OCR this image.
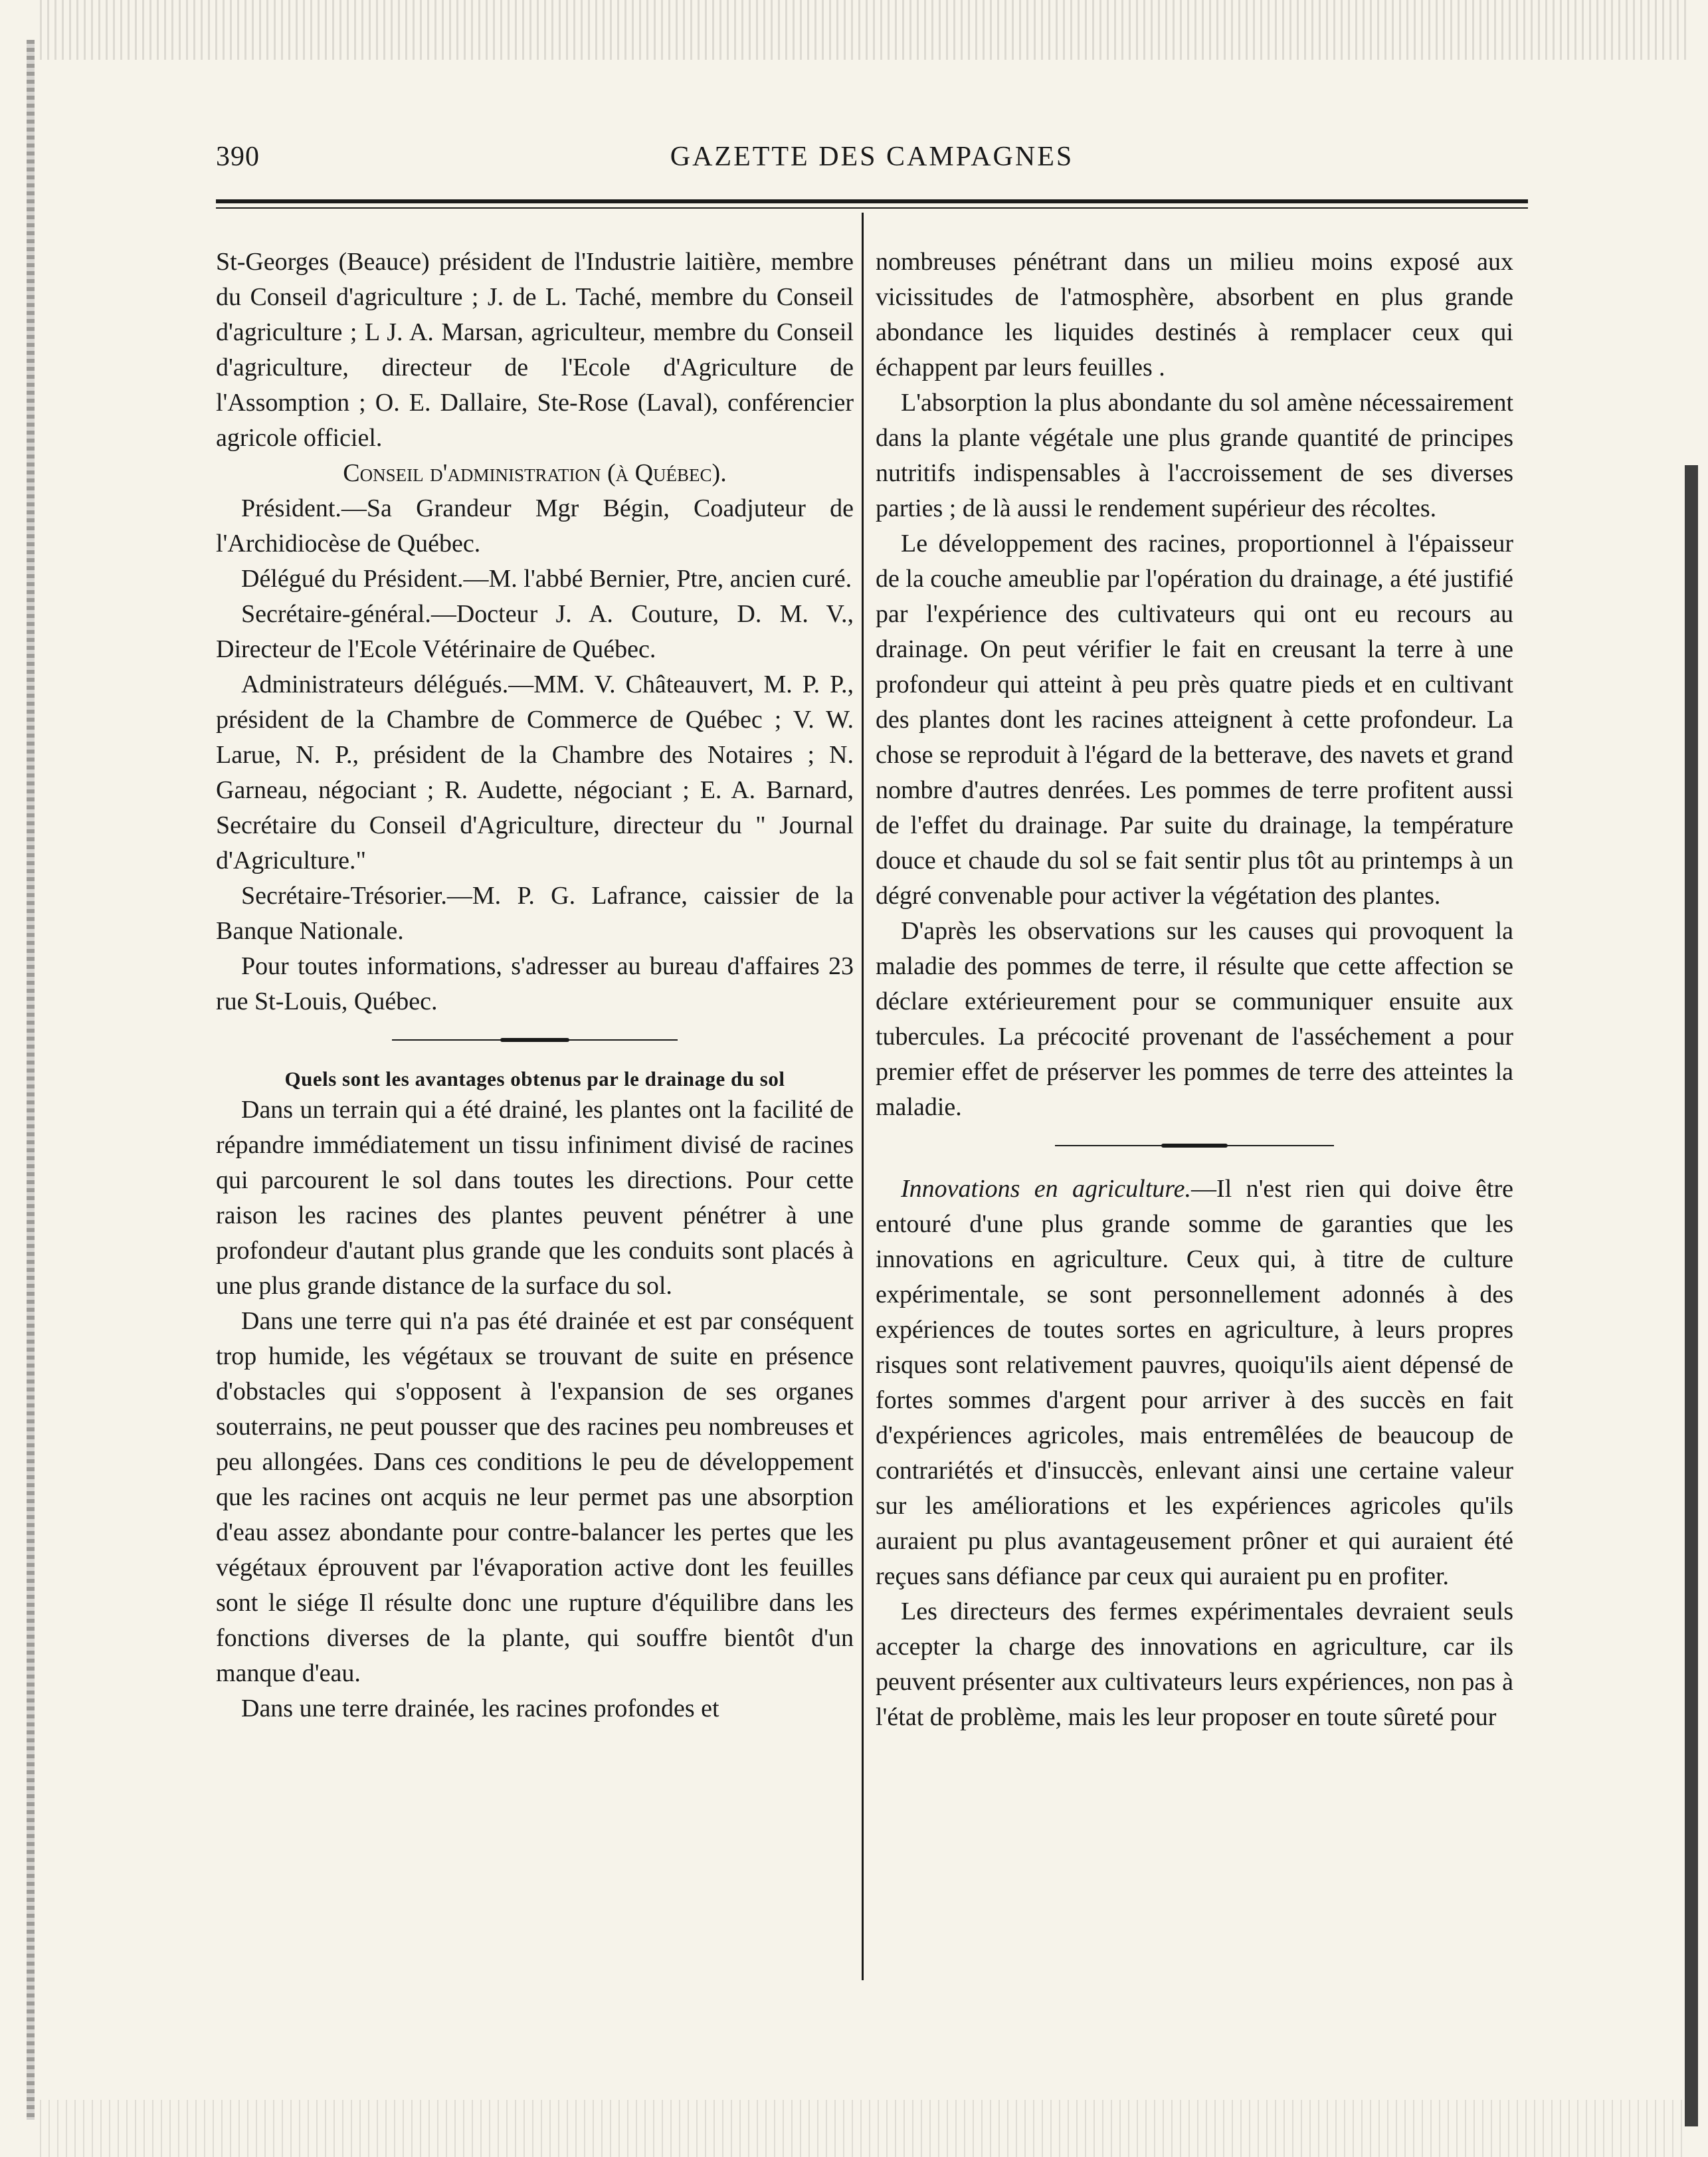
GAZETTE DES CAMPAGNES
390

St-Georges (Beauce) président de l'Industrie laitière, membre du Conseil d'agriculture ; J. de L. Taché, membre du Conseil d'agriculture ; L J. A. Marsan, agriculteur, membre du Conseil d'agriculture, directeur de l'Ecole d'Agriculture de l'Assomption ; O. E. Dallaire, Ste-Rose (Laval), conférencier agricole officiel.

Conseil d'administration (à Québec).

Président.—Sa Grandeur Mgr Bégin, Coadjuteur de l'Archidiocèse de Québec.

Délégué du Président.—M. l'abbé Bernier, Ptre, ancien curé.

Secrétaire-général.—Docteur J. A. Couture, D. M. V., Directeur de l'Ecole Vétérinaire de Québec.

Administrateurs délégués.—MM. V. Châteauvert, M. P. P., président de la Chambre de Commerce de Québec ; V. W. Larue, N. P., président de la Chambre des Notaires ; N. Garneau, négociant ; R. Audette, négociant ; E. A. Barnard, Secrétaire du Conseil d'Agriculture, directeur du " Journal d'Agriculture."

Secrétaire-Trésorier.—M. P. G. Lafrance, caissier de la Banque Nationale.

Pour toutes informations, s'adresser au bureau d'affaires 23 rue St-Louis, Québec.

Quels sont les avantages obtenus par le drainage du sol

Dans un terrain qui a été drainé, les plantes ont la facilité de répandre immédiatement un tissu infiniment divisé de racines qui parcourent le sol dans toutes les directions. Pour cette raison les racines des plantes peuvent pénétrer à une profondeur d'autant plus grande que les conduits sont placés à une plus grande distance de la surface du sol.

Dans une terre qui n'a pas été drainée et est par conséquent trop humide, les végétaux se trouvant de suite en présence d'obstacles qui s'opposent à l'expansion de ses organes souterrains, ne peut pousser que des racines peu nombreuses et peu allongées. Dans ces conditions le peu de développement que les racines ont acquis ne leur permet pas une absorption d'eau assez abondante pour contre-balancer les pertes que les végétaux éprouvent par l'évaporation active dont les feuilles sont le siége Il résulte donc une rupture d'équilibre dans les fonctions diverses de la plante, qui souffre bientôt d'un manque d'eau.

Dans une terre drainée, les racines profondes et

nombreuses pénétrant dans un milieu moins exposé aux vicissitudes de l'atmosphère, absorbent en plus grande abondance les liquides destinés à remplacer ceux qui échappent par leurs feuilles .

L'absorption la plus abondante du sol amène nécessairement dans la plante végétale une plus grande quantité de principes nutritifs indispensables à l'accroissement de ses diverses parties ; de là aussi le rendement supérieur des récoltes.

Le développement des racines, proportionnel à l'épaisseur de la couche ameublie par l'opération du drainage, a été justifié par l'expérience des cultivateurs qui ont eu recours au drainage. On peut vérifier le fait en creusant la terre à une profondeur qui atteint à peu près quatre pieds et en cultivant des plantes dont les racines atteignent à cette profondeur. La chose se reproduit à l'égard de la betterave, des navets et grand nombre d'autres denrées. Les pommes de terre profitent aussi de l'effet du drainage. Par suite du drainage, la température douce et chaude du sol se fait sentir plus tôt au printemps à un dégré convenable pour activer la végétation des plantes.

D'après les observations sur les causes qui provoquent la maladie des pommes de terre, il résulte que cette affection se déclare extérieurement pour se communiquer ensuite aux tubercules. La précocité provenant de l'asséchement a pour premier effet de préserver les pommes de terre des atteintes la maladie.

Innovations en agriculture.—Il n'est rien qui doive être entouré d'une plus grande somme de garanties que les innovations en agriculture. Ceux qui, à titre de culture expérimentale, se sont personnellement adonnés à des expériences de toutes sortes en agriculture, à leurs propres risques sont relativement pauvres, quoiqu'ils aient dépensé de fortes sommes d'argent pour arriver à des succès en fait d'expériences agricoles, mais entremêlées de beaucoup de contrariétés et d'insuccès, enlevant ainsi une certaine valeur sur les améliorations et les expériences agricoles qu'ils auraient pu plus avantageusement prôner et qui auraient été reçues sans défiance par ceux qui auraient pu en profiter.

Les directeurs des fermes expérimentales devraient seuls accepter la charge des innovations en agriculture, car ils peuvent présenter aux cultivateurs leurs expériences, non pas à l'état de problème, mais les leur proposer en toute sûreté pour
